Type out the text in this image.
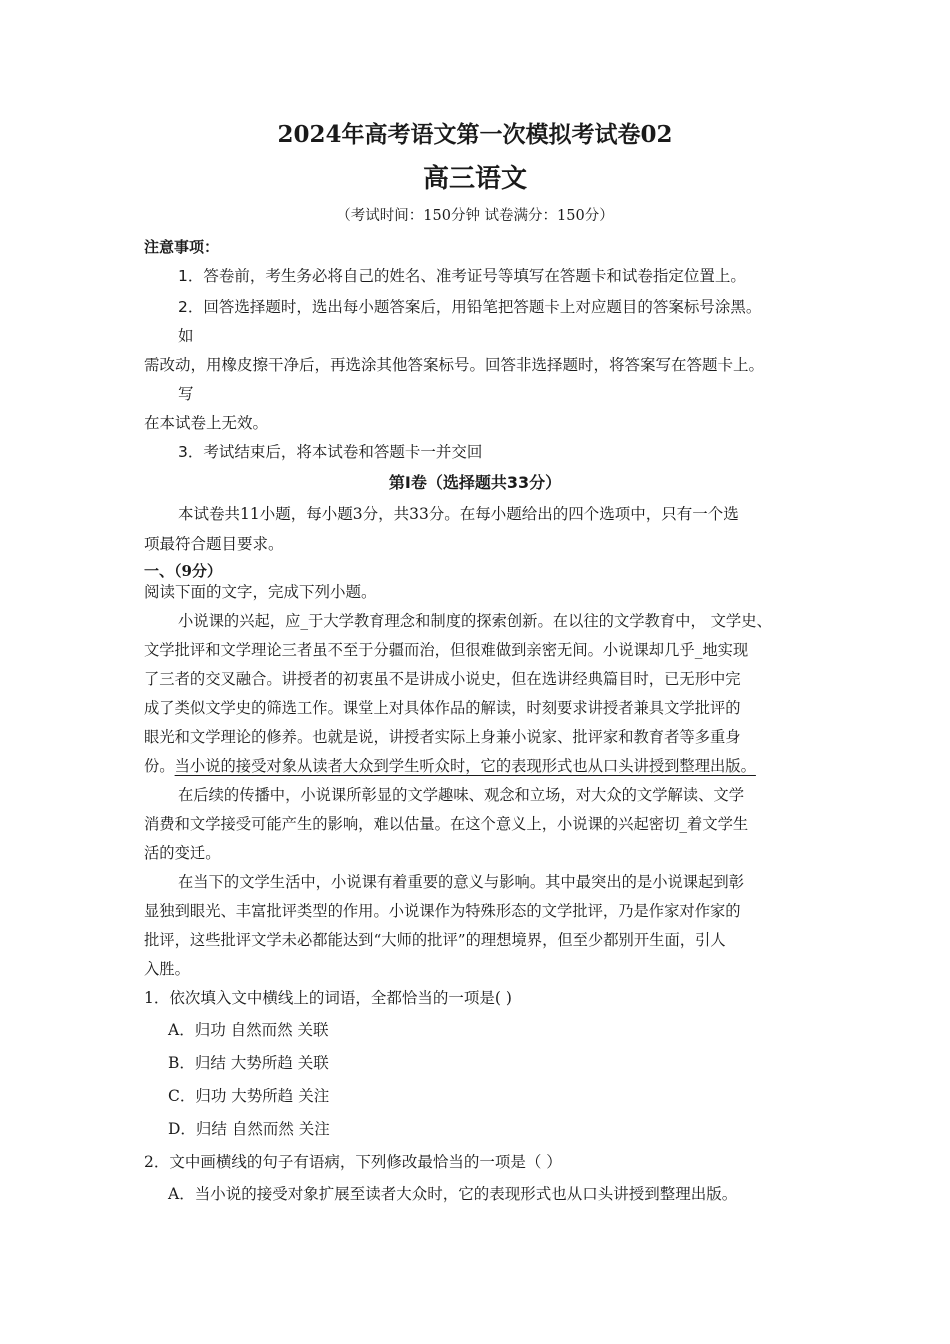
2024年高考语文第一次模拟考试卷02
高三语文
（考试时间：150分钟 试卷满分：150分）
注意事项：
1．答卷前，考生务必将自己的姓名、准考证号等填写在答题卡和试卷指定位置上。
2．回答选择题时，选出每小题答案后，用铅笔把答题卡上对应题目的答案标号涂黑。
如
需改动，用橡皮擦干净后，再选涂其他答案标号。回答非选择题时，将答案写在答题卡上。
写
在本试卷上无效。
3．考试结束后，将本试卷和答题卡一并交回
第Ⅰ卷（选择题共33分）
本试卷共11小题，每小题3分，共33分。在每小题给出的四个选项中，只有一个选
项最符合题目要求。
一、（9分）
阅读下面的文字，完成下列小题。
小说课的兴起，应_于大学教育理念和制度的探索创新。在以往的文学教育中， 文学史、
文学批评和文学理论三者虽不至于分疆而治，但很难做到亲密无间。小说课却几乎_地实现
了三者的交叉融合。讲授者的初衷虽不是讲成小说史，但在选讲经典篇目时，已无形中完
成了类似文学史的筛选工作。课堂上对具体作品的解读，时刻要求讲授者兼具文学批评的
眼光和文学理论的修养。也就是说，讲授者实际上身兼小说家、批评家和教育者等多重身
份。当小说的接受对象从读者大众到学生听众时，它的表现形式也从口头讲授到整理出版。
在后续的传播中，小说课所彰显的文学趣味、观念和立场，对大众的文学解读、文学
消费和文学接受可能产生的影响，难以估量。在这个意义上，小说课的兴起密切_着文学生
活的变迁。
在当下的文学生活中，小说课有着重要的意义与影响。其中最突出的是小说课起到彰
显独到眼光、丰富批评类型的作用。小说课作为特殊形态的文学批评，乃是作家对作家的
批评，这些批评文学未必都能达到“大师的批评”的理想境界，但至少都别开生面，引人
入胜。
1．依次填入文中横线上的词语，全都恰当的一项是( )
A．归功 自然而然 关联
B．归结 大势所趋 关联
C．归功 大势所趋 关注
D．归结 自然而然 关注
2．文中画横线的句子有语病，下列修改最恰当的一项是（ ）
A．当小说的接受对象扩展至读者大众时，它的表现形式也从口头讲授到整理出版。
